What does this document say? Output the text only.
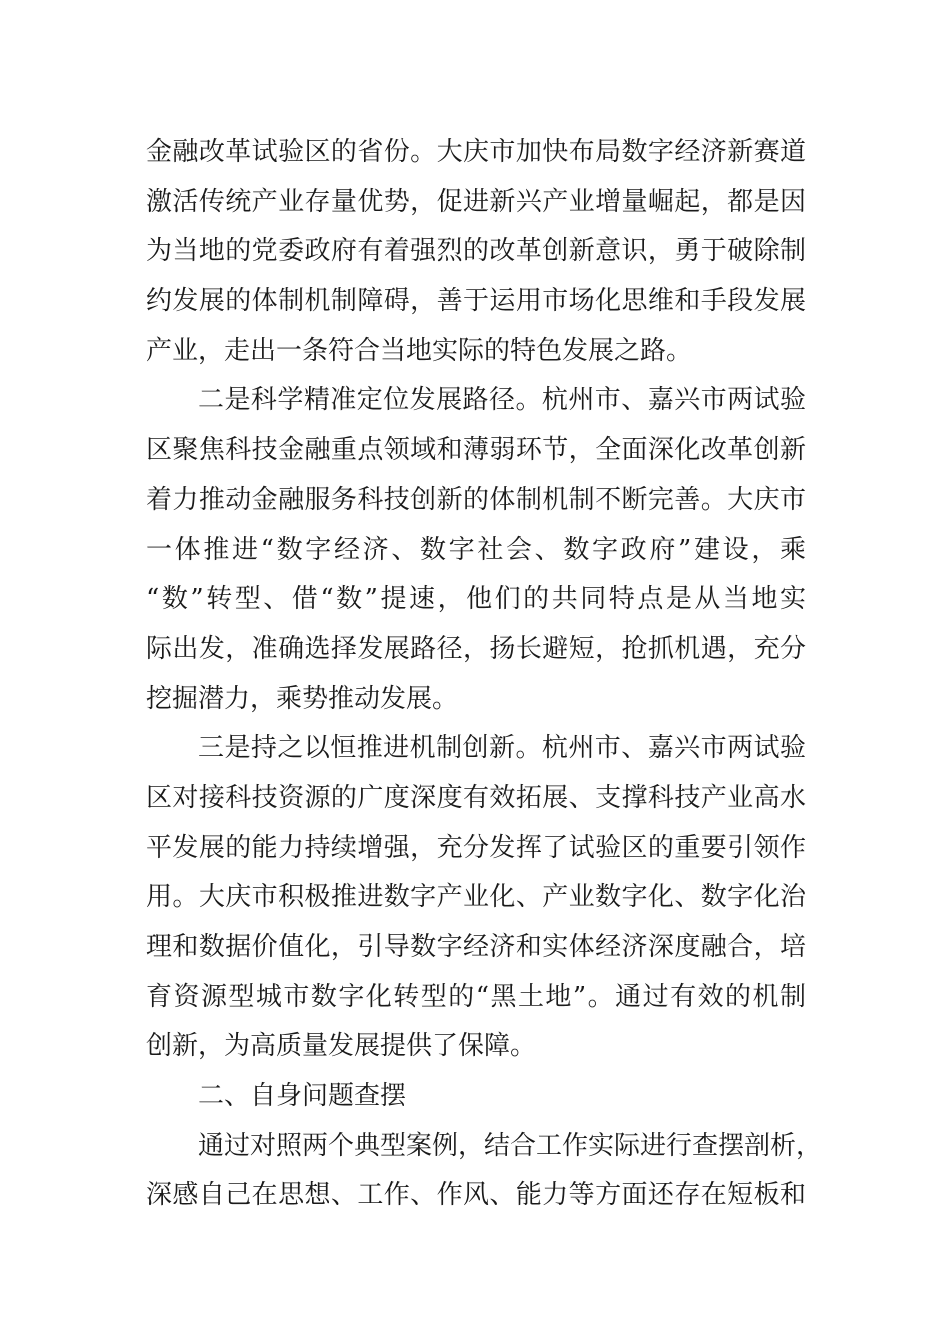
金融改革试验区的省份。大庆市加快布局数字经济新赛道
激活传统产业存量优势，促进新兴产业增量崛起，都是因
为当地的党委政府有着强烈的改革创新意识，勇于破除制
约发展的体制机制障碍，善于运用市场化思维和手段发展
产业，走出一条符合当地实际的特色发展之路。
二是科学精准定位发展路径。杭州市、嘉兴市两试验
区聚焦科技金融重点领域和薄弱环节，全面深化改革创新
着力推动金融服务科技创新的体制机制不断完善。大庆市
一体推进“数字经济、数字社会、数字政府”建设，乘
“数”转型、借“数”提速，他们的共同特点是从当地实
际出发，准确选择发展路径，扬长避短，抢抓机遇，充分
挖掘潜力，乘势推动发展。
三是持之以恒推进机制创新。杭州市、嘉兴市两试验
区对接科技资源的广度深度有效拓展、支撑科技产业高水
平发展的能力持续增强，充分发挥了试验区的重要引领作
用。大庆市积极推进数字产业化、产业数字化、数字化治
理和数据价值化，引导数字经济和实体经济深度融合，培
育资源型城市数字化转型的“黑土地”。通过有效的机制
创新，为高质量发展提供了保障。
二、自身问题查摆
通过对照两个典型案例，结合工作实际进行查摆剖析，
深感自己在思想、工作、作风、能力等方面还存在短板和
